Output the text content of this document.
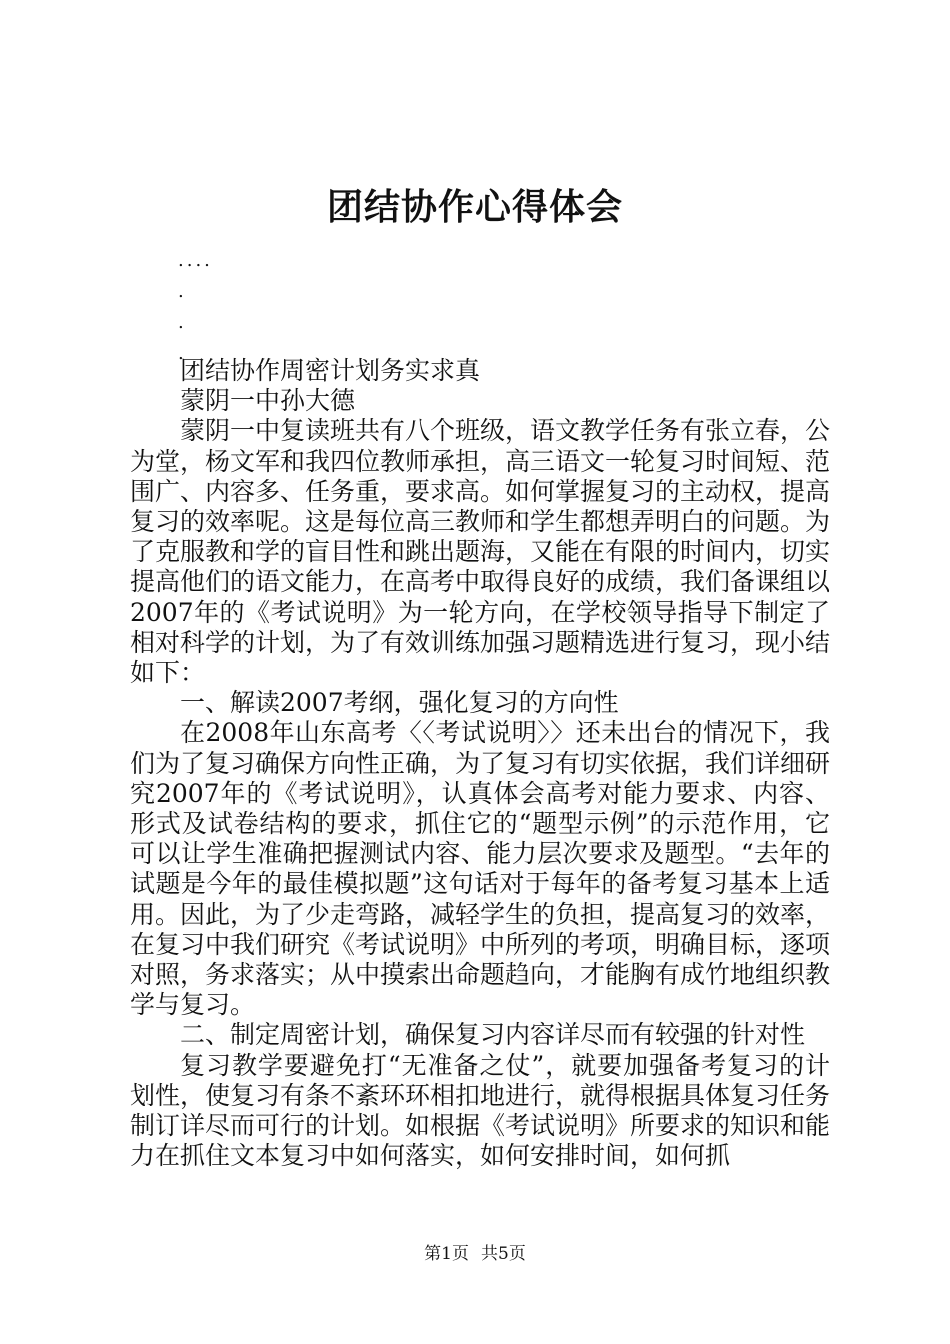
团结协作心得体会
....
.
.
.

团结协作周密计划务实求真

蒙阴一中孙大德

蒙阴一中复读班共有八个班级，语文教学任务有张立春，公为堂，杨文军和我四位教师承担，高三语文一轮复习时间短、范围广、内容多、任务重，要求高。如何掌握复习的主动权，提高复习的效率呢。这是每位高三教师和学生都想弄明白的问题。为了克服教和学的盲目性和跳出题海，又能在有限的时间内，切实提高他们的语文能力，在高考中取得良好的成绩，我们备课组以2007年的《考试说明》为一轮方向，在学校领导指导下制定了相对科学的计划，为了有效训练加强习题精选进行复习，现小结如下：

一、解读2007考纲，强化复习的方向性

在2008年山东高考〈〈考试说明〉〉还未出台的情况下，我们为了复习确保方向性正确，为了复习有切实依据，我们详细研究2007年的《考试说明》，认真体会高考对能力要求、内容、形式及试卷结构的要求，抓住它的“题型示例”的示范作用，它可以让学生准确把握测试内容、能力层次要求及题型。“去年的试题是今年的最佳模拟题”这句话对于每年的备考复习基本上适用。因此，为了少走弯路，减轻学生的负担，提高复习的效率，在复习中我们研究《考试说明》中所列的考项，明确目标，逐项对照，务求落实；从中摸索出命题趋向，才能胸有成竹地组织教学与复习。

二、制定周密计划，确保复习内容详尽而有较强的针对性

复习教学要避免打“无准备之仗”，就要加强备考复习的计划性，使复习有条不紊环环相扣地进行，就得根据具体复习任务制订详尽而可行的计划。如根据《考试说明》所要求的知识和能力在抓住文本复习中如何落实，如何安排时间，如何抓

第1页 共5页
